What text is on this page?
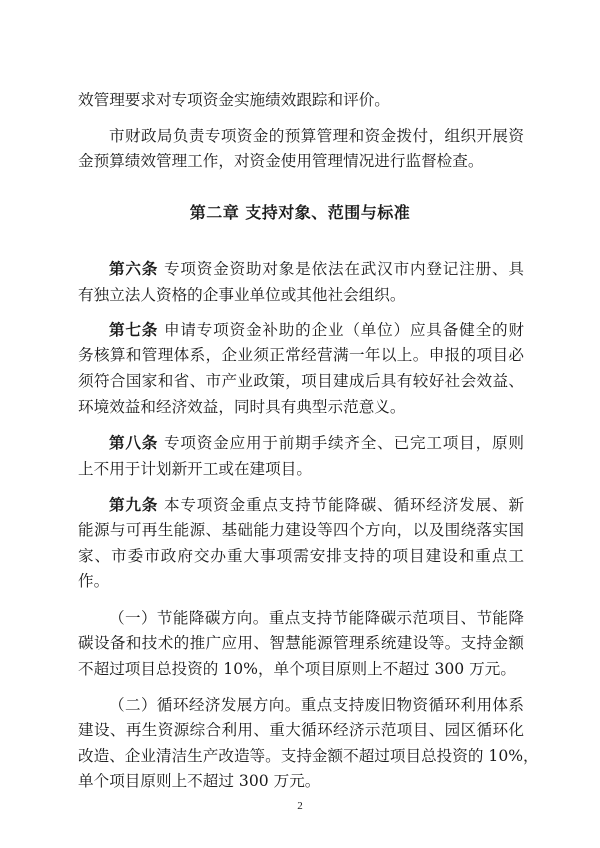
效管理要求对专项资金实施绩效跟踪和评价。
市财政局负责专项资金的预算管理和资金拨付，组织开展资
金预算绩效管理工作，对资金使用管理情况进行监督检查。
第二章 支持对象、范围与标准
第六条 专项资金资助对象是依法在武汉市内登记注册、具
有独立法人资格的企事业单位或其他社会组织。
第七条 申请专项资金补助的企业（单位）应具备健全的财
务核算和管理体系，企业须正常经营满一年以上。申报的项目必
须符合国家和省、市产业政策，项目建成后具有较好社会效益、
环境效益和经济效益，同时具有典型示范意义。
第八条 专项资金应用于前期手续齐全、已完工项目，原则
上不用于计划新开工或在建项目。
第九条 本专项资金重点支持节能降碳、循环经济发展、新
能源与可再生能源、基础能力建设等四个方向，以及围绕落实国
家、市委市政府交办重大事项需安排支持的项目建设和重点工
作。
（一）节能降碳方向。重点支持节能降碳示范项目、节能降
碳设备和技术的推广应用、智慧能源管理系统建设等。支持金额
不超过项目总投资的 10%，单个项目原则上不超过 300 万元。
（二）循环经济发展方向。重点支持废旧物资循环利用体系
建设、再生资源综合利用、重大循环经济示范项目、园区循环化
改造、企业清洁生产改造等。支持金额不超过项目总投资的 10%，
单个项目原则上不超过 300 万元。
2
